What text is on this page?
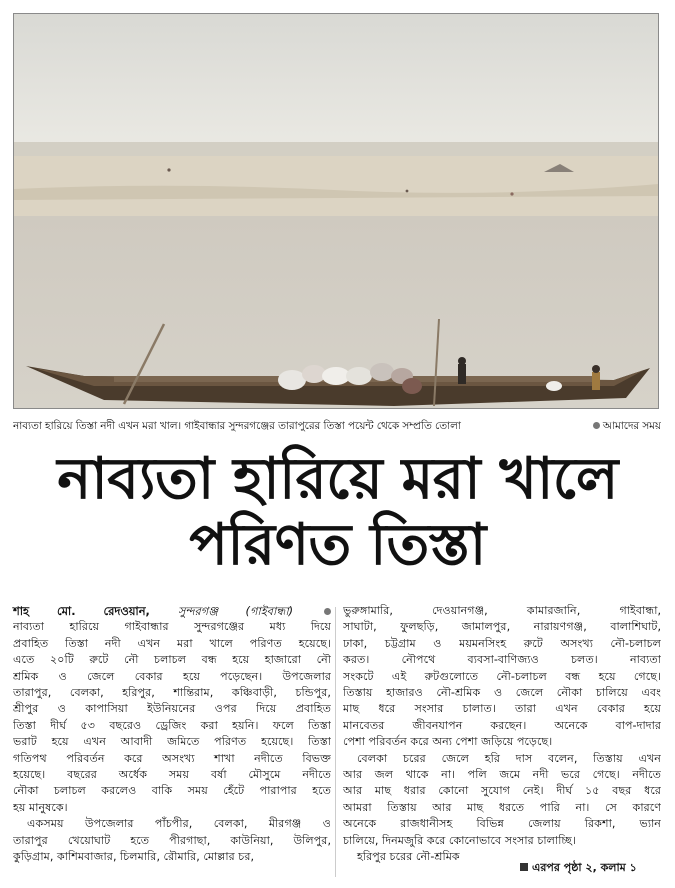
নাব্যতা হারিয়ে তিস্তা নদী এখন মরা খাল। গাইবান্ধার সুন্দরগঞ্জের তারাপুরের তিস্তা পয়েন্ট থেকে সম্প্রতি তোলা	আমাদের সময়
নাব্যতা হারিয়ে মরা খালে
পরিণত তিস্তা
শাহ মো. রেদওয়ান, সুন্দরগঞ্জ (গাইবান্ধা)
নাব্যতা হারিয়ে গাইবান্ধার সুন্দরগঞ্জের মধ্য দিয়ে
প্রবাহিত তিস্তা নদী এখন মরা খালে পরিণত হয়েছে।
এতে ২০টি রুটে নৌ চলাচল বন্ধ হয়ে হাজারো নৌ
শ্রমিক ও জেলে বেকার হয়ে পড়েছেন। উপজেলার
তারাপুর, বেলকা, হরিপুর, শান্তিরাম, কঞ্চিবাড়ী, চন্ডিপুর,
শ্রীপুর ও কাপাসিয়া ইউনিয়নের ওপর দিয়ে প্রবাহিত
তিস্তা দীর্ঘ ৫৩ বছরেও ড্রেজিং করা হয়নি। ফলে তিস্তা
ভরাট হয়ে এখন আবাদী জমিতে পরিণত হয়েছে। তিস্তা
গতিপথ পরিবর্তন করে অসংখ্য শাখা নদীতে বিভক্ত
হয়েছে। বছরের অর্ধেক সময় বর্ষা মৌসুমে নদীতে
নৌকা চলাচল করলেও বাকি সময় হেঁটে পারাপার হতে
হয় মানুষকে।
একসময় উপজেলার পাঁচপীর, বেলকা, মীরগঞ্জ ও
তারাপুর খেয়োঘাট হতে পীরগাছা, কাউনিয়া, উলিপুর,
কুড়িগ্রাম, কাশিমবাজার, চিলমারি, রৌমারি, মোল্লার চর,
ভুরুঙ্গামারি, দেওয়ানগঞ্জ, কামারজানি, গাইবান্ধা,
সাঘাটা, ফুলছড়ি, জামালপুর, নারায়ণগঞ্জ, বালাশিঘাট,
ঢাকা, চট্টগ্রাম ও ময়মনসিংহ রুটে অসংখ্য নৌ-চলাচল
করত। নৌপথে ব্যবসা-বাণিজ্যও চলত। নাব্যতা
সংকটে এই রুটগুলোতে নৌ-চলাচল বন্ধ হয়ে গেছে।
তিস্তায় হাজারও নৌ-শ্রমিক ও জেলে নৌকা চালিয়ে এবং
মাছ ধরে সংসার চালাত। তারা এখন বেকার হয়ে
মানবেতর জীবনযাপন করছেন। অনেকে বাপ-দাদার
পেশা পরিবর্তন করে অন্য পেশা জড়িয়ে পড়েছে।
বেলকা চরের জেলে হরি দাস বলেন, তিস্তায় এখন
আর জল থাকে না। পলি জমে নদী ভরে গেছে। নদীতে
আর মাছ ধরার কোনো সুযোগ নেই। দীর্ঘ ১৫ বছর ধরে
আমরা তিস্তায় আর মাছ ধরতে পারি না। সে কারণে
অনেকে রাজধানীসহ বিভিন্ন জেলায় রিকশা, ভ্যান
চালিয়ে, দিনমজুরি করে কোনোভাবে সংসার চালাচ্ছি।
হরিপুর চরের নৌ-শ্রমিক
এরপর পৃষ্ঠা ২, কলাম ১
